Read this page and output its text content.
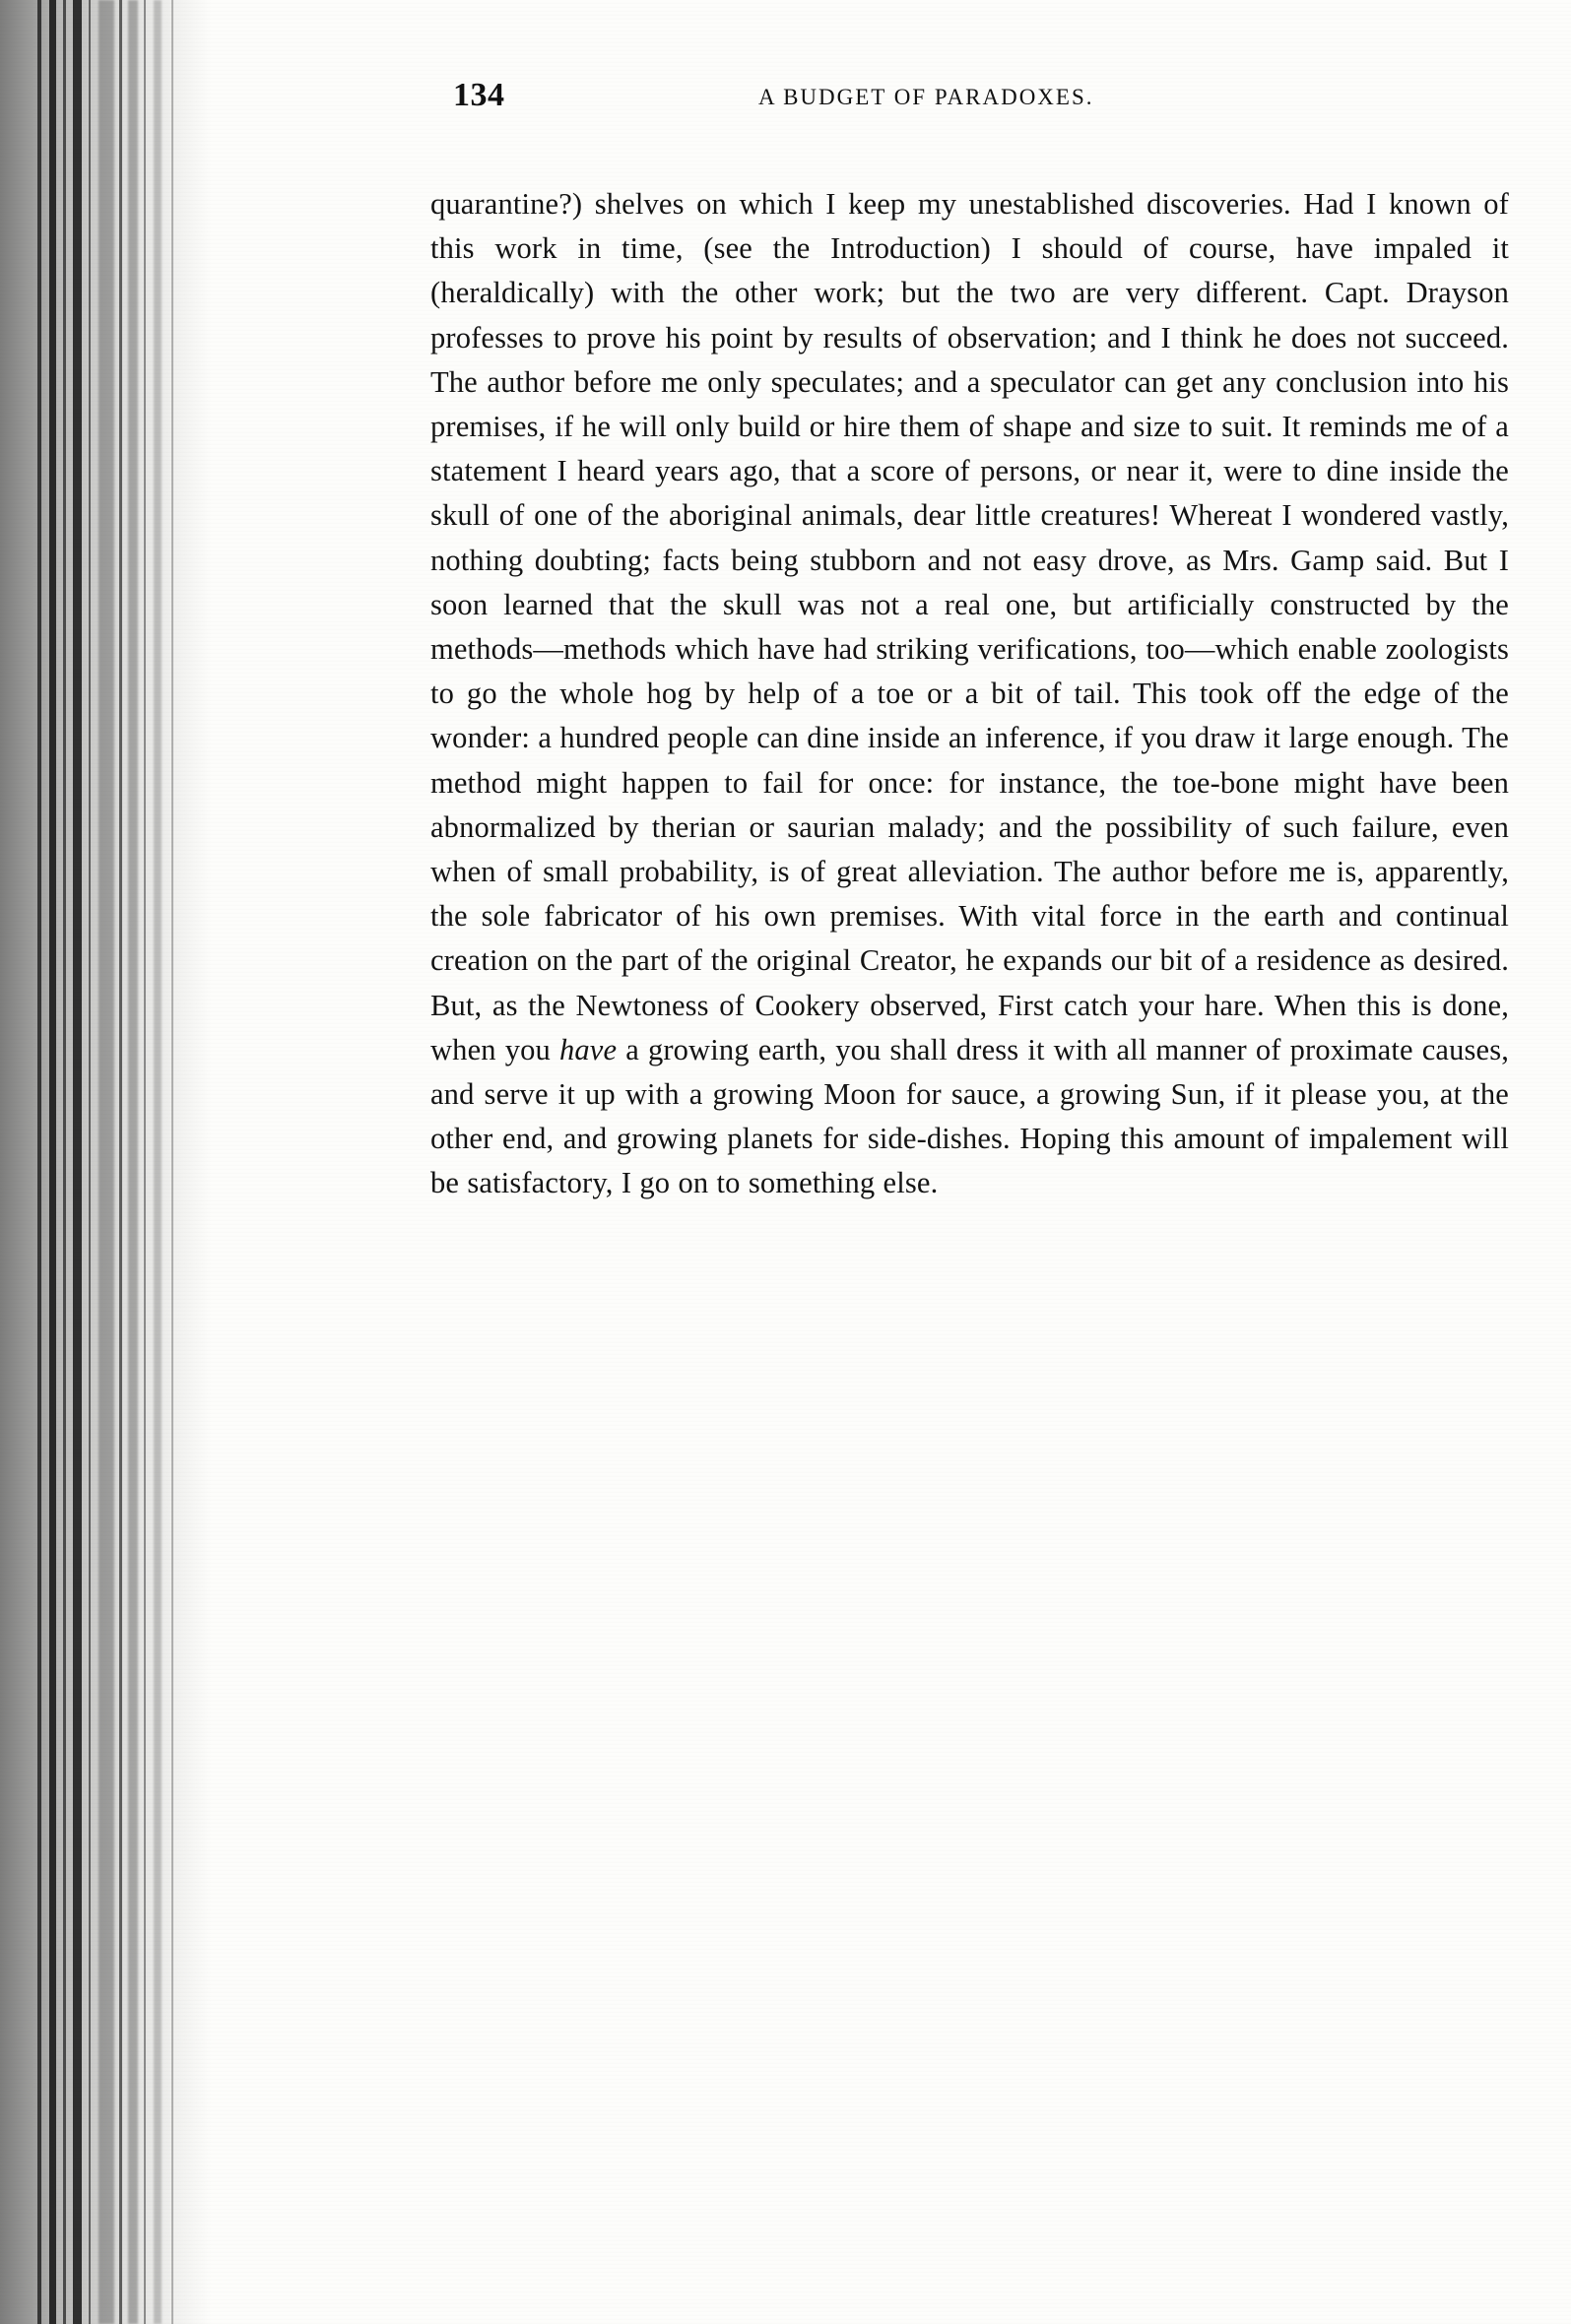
134	A BUDGET OF PARADOXES.

quarantine?) shelves on which I keep my unestablished discoveries. Had I known of this work in time, (see the Introduction) I should of course, have impaled it (heraldically) with the other work; but the two are very different. Capt. Drayson professes to prove his point by results of observation; and I think he does not succeed. The author before me only speculates; and a speculator can get any conclusion into his premises, if he will only build or hire them of shape and size to suit. It reminds me of a statement I heard years ago, that a score of persons, or near it, were to dine inside the skull of one of the aboriginal animals, dear little creatures! Whereat I wondered vastly, nothing doubting; facts being stubborn and not easy drove, as Mrs. Gamp said. But I soon learned that the skull was not a real one, but artificially constructed by the methods—methods which have had striking verifications, too—which enable zoologists to go the whole hog by help of a toe or a bit of tail. This took off the edge of the wonder: a hundred people can dine inside an inference, if you draw it large enough. The method might happen to fail for once: for instance, the toe-bone might have been abnormalized by therian or saurian malady; and the possibility of such failure, even when of small probability, is of great alleviation. The author before me is, apparently, the sole fabricator of his own premises. With vital force in the earth and continual creation on the part of the original Creator, he expands our bit of a residence as desired. But, as the Newtoness of Cookery observed, First catch your hare. When this is done, when you have a growing earth, you shall dress it with all manner of proximate causes, and serve it up with a growing Moon for sauce, a growing Sun, if it please you, at the other end, and growing planets for side-dishes. Hoping this amount of impalement will be satisfactory, I go on to something else.
